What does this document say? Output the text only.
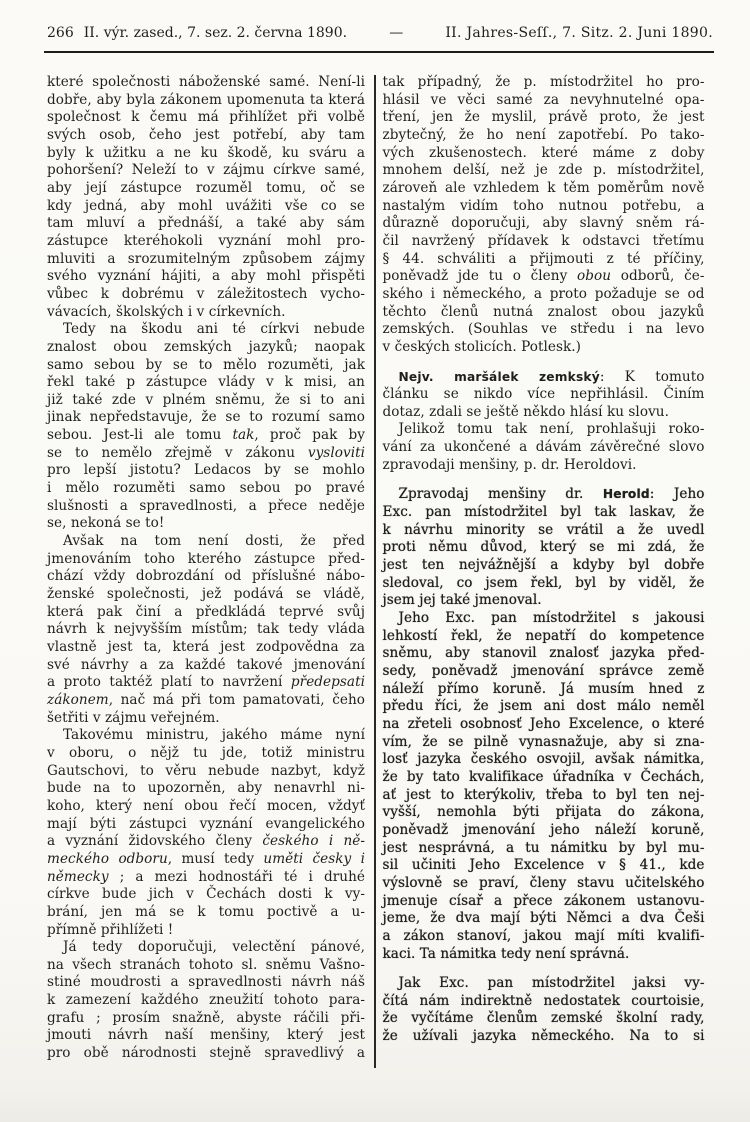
266 II. výr. zased., 7. sez. 2. června 1890.	—	II. Jahres-Seſſ., 7. Sitz. 2. Juni 1890.
které společnosti náboženské samé. Není-li
dobře, aby byla zákonem upomenuta ta která
společnost k čemu má přihlížet při volbě
svých osob, čeho jest potřebí, aby tam
byly k užitku a ne ku škodě, ku sváru a
pohoršení? Neleží to v zájmu církve samé,
aby její zástupce rozuměl tomu, oč se
kdy jedná, aby mohl uvážiti vše co se
tam mluví a přednáší, a také aby sám
zástupce kteréhokoli vyznání mohl pro-
mluviti a srozumitelným způsobem zájmy
svého vyznání hájiti, a aby mohl přispěti
vůbec k dobrému v záležitostech vycho-
vávacích, školských i v církevních.
Tedy na škodu ani té církvi nebude
znalost obou zemských jazyků; naopak
samo sebou by se to mělo rozuměti, jak
řekl také p zástupce vlády v k misi, an
již také zde v plném sněmu, že si to ani
jinak nepředstavuje, že se to rozumí samo
sebou. Jest-li ale tomu tak, proč pak by
se to nemělo zřejmě v zákonu vysloviti
pro lepší jistotu? Ledacos by se mohlo
i mělo rozuměti samo sebou po pravé
slušnosti a spravedlnosti, a přece neděje
se, nekoná se to!
Avšak na tom není dosti, že před
jmenováním toho kterého zástupce před-
chází vždy dobrozdání od příslušné nábo-
ženské společnosti, jež podává se vládě,
která pak činí a předkládá teprvé svůj
návrh k nejvyšším místům; tak tedy vláda
vlastně jest ta, která jest zodpovědna za
své návrhy a za každé takové jmenování
a proto taktéž platí to navržení předepsati
zákonem, nač má při tom pamatovati, čeho
šetřiti v zájmu veřejném.
Takovému ministru, jakého máme nyní
v oboru, o nějž tu jde, totiž ministru
Gautschovi, to věru nebude nazbyt, když
bude na to upozorněn, aby nenavrhl ni-
koho, který není obou řečí mocen, vždyť
mají býti zástupci vyznání evangelického
a vyznání židovského členy českého i ně-
meckého odboru, musí tedy uměti česky i
německy ; a mezi hodnostáři té i druhé
církve bude jich v Čechách dosti k vy-
brání, jen má se k tomu poctivě a u-
přímně přihlížeti !
Já tedy doporučuji, velectění pánové,
na všech stranách tohoto sl. sněmu Vašno-
stiné moudrosti a spravedlnosti návrh náš
k zamezení každého zneužití tohoto para-
grafu ; prosím snažně, abyste ráčili při-
jmouti návrh naší menšiny, který jest
pro obě národnosti stejně spravedlivý a
tak případný, že p. místodržitel ho pro-
hlásil ve věci samé za nevyhnutelné opa-
tření, jen že myslil, právě proto, že jest
zbytečný, že ho není zapotřebí. Po tako-
vých zkušenostech. které máme z doby
mnohem delší, než je zde p. místodržitel,
zároveň ale vzhledem k těm poměrům nově
nastalým vidím toho nutnou potřebu, a
důrazně doporučuji, aby slavný sněm rá-
čil navržený přídavek k odstavci třetímu
§ 44. schváliti a přijmouti z té příčiny,
poněvadž jde tu o členy obou odborů, če-
ského i německého, a proto požaduje se od
těchto členů nutná znalost obou jazyků
zemských. (Souhlas ve středu i na levo
v českých stolicích. Potlesk.)
Nejv. maršálek zemkský: K tomuto
článku se nikdo více nepřihlásil. Činím
dotaz, zdali se ještě někdo hlásí ku slovu.
Jelikož tomu tak není, prohlašuji roko-
vání za ukončené a dávám závěrečné slovo
zpravodaji menšiny, p. dr. Heroldovi.
Zpravodaj menšiny dr. Herold: Jeho
Exc. pan místodržitel byl tak laskav, že
k návrhu minority se vrátil a že uvedl
proti němu důvod, který se mi zdá, že
jest ten nejvážnější a kdyby byl dobře
sledoval, co jsem řekl, byl by viděl, že
jsem jej také jmenoval.
Jeho Exc. pan místodržitel s jakousi
lehkostí řekl, že nepatří do kompetence
sněmu, aby stanovil znalosť jazyka před-
sedy, poněvadž jmenování správce země
náleží přímo koruně. Já musím hned z
předu říci, že jsem ani dost málo neměl
na zřeteli osobnosť Jeho Excelence, o které
vím, že se pilně vynasnažuje, aby si zna-
losť jazyka českého osvojil, avšak námitka,
že by tato kvalifikace úřadníka v Čechách,
ať jest to kterýkoliv, třeba to byl ten nej-
vyšší, nemohla býti přijata do zákona,
poněvadž jmenování jeho náleží koruně,
jest nesprávná, a tu námitku by byl mu-
sil učiniti Jeho Excelence v § 41., kde
výslovně se praví, členy stavu učitelského
jmenuje císař a přece zákonem ustanovu-
jeme, že dva mají býti Němci a dva Češi
a zákon stanoví, jakou mají míti kvalifi-
kaci. Ta námitka tedy není správná.
Jak Exc. pan místodržitel jaksi vy-
čítá nám indirektně nedostatek courtoisie,
že vyčítáme členům zemské školní rady,
že užívali jazyka německého. Na to si
